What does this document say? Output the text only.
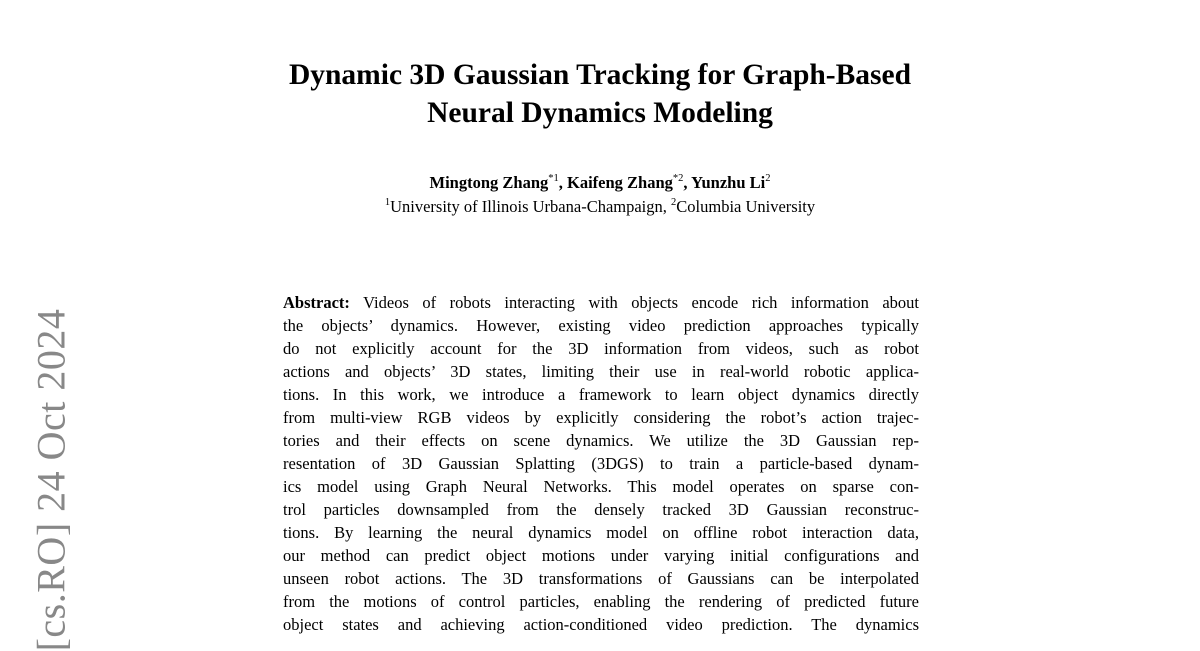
Dynamic 3D Gaussian Tracking for Graph-Based
Neural Dynamics Modeling
Mingtong Zhang$^{*1}$, Kaifeng Zhang$^{*2}$, Yunzhu Li$^2$
$^1$University of Illinois Urbana-Champaign, $^2$Columbia University
Abstract: Videos of robots interacting with objects encode rich information about
the objects’ dynamics. However, existing video prediction approaches typically
do not explicitly account for the 3D information from videos, such as robot
actions and objects’ 3D states, limiting their use in real-world robotic applica-
tions. In this work, we introduce a framework to learn object dynamics directly
from multi-view RGB videos by explicitly considering the robot’s action trajec-
tories and their effects on scene dynamics. We utilize the 3D Gaussian rep-
resentation of 3D Gaussian Splatting (3DGS) to train a particle-based dynam-
ics model using Graph Neural Networks. This model operates on sparse con-
trol particles downsampled from the densely tracked 3D Gaussian reconstruc-
tions. By learning the neural dynamics model on offline robot interaction data,
our method can predict object motions under varying initial configurations and
unseen robot actions. The 3D transformations of Gaussians can be interpolated
from the motions of control particles, enabling the rendering of predicted future
object states and achieving action-conditioned video prediction. The dynamics
[cs.RO] 24 Oct 2024
